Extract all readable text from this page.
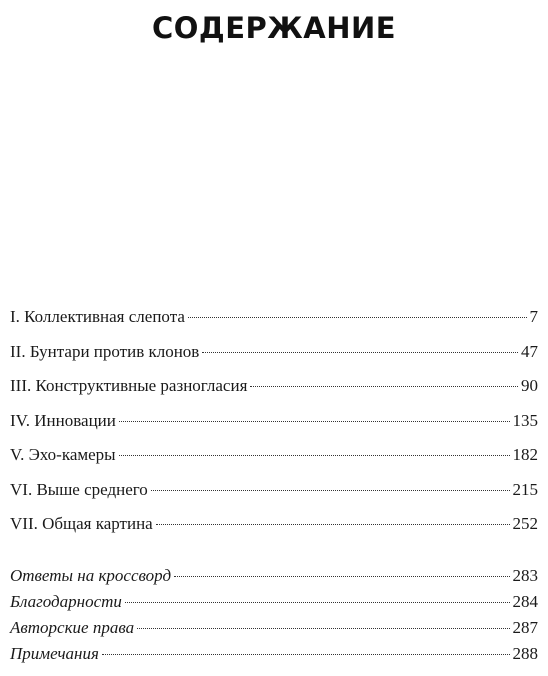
СОДЕРЖАНИЕ
I. Коллективная слепота	7
II. Бунтари против клонов	47
III. Конструктивные разногласия	90
IV. Инновации	135
V. Эхо-камеры	182
VI. Выше среднего	215
VII. Общая картина	252
Ответы на кроссворд	283
Благодарности	284
Авторские права	287
Примечания	288
